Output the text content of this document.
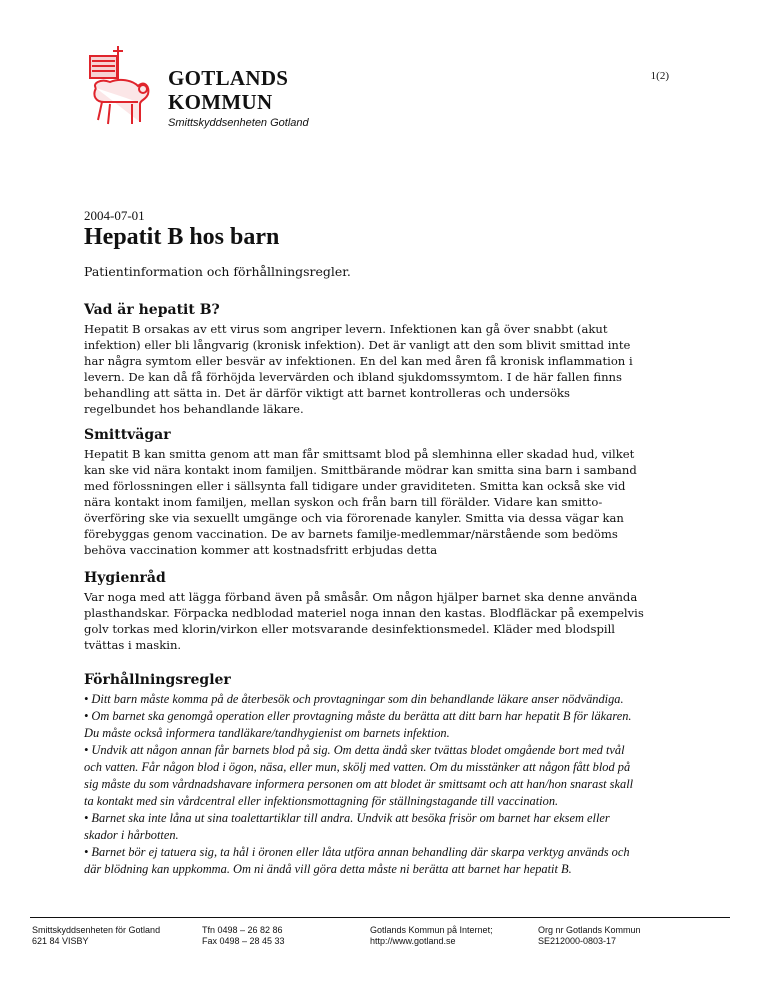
GOTLANDS
KOMMUN
Smittskyddsenheten Gotland
1(2)
2004-07-01
Hepatit B hos barn
Patientinformation och förhållningsregler.
Vad är hepatit B?

Hepatit B orsakas av ett virus som angriper levern. Infektionen kan gå över snabbt (akut infektion) eller bli långvarig (kronisk infektion). Det är vanligt att den som blivit smittad inte har några symtom eller besvär av infektionen. En del kan med åren få kronisk inflammation i levern. De kan då få förhöjda levervärden och ibland sjukdomssymtom. I de här fallen finns behandling att sätta in. Det är därför viktigt att barnet kontrolleras och undersöks regelbundet hos behandlande läkare.

Smittvägar

Hepatit B kan smitta genom att man får smittsamt blod på slemhinna eller skadad hud, vilket kan ske vid nära kontakt inom familjen. Smittbärande mödrar kan smitta sina barn i samband med förlossningen eller i sällsynta fall tidigare under graviditeten. Smitta kan också ske vid nära kontakt inom familjen, mellan syskon och från barn till förälder. Vidare kan smitto-överföring ske via sexuellt umgänge och via förorenade kanyler. Smitta via dessa vägar kan förebyggas genom vaccination. De av barnets familje-medlemmar/närstående som bedöms behöva vaccination kommer att kostnadsfritt erbjudas detta

Hygienråd

Var noga med att lägga förband även på småsår. Om någon hjälper barnet ska denne använda plasthandskar. Förpacka nedblodad materiel noga innan den kastas. Blodfläckar på exempelvis golv torkas med klorin/virkon eller motsvarande desinfektionsmedel. Kläder med blodspill tvättas i maskin.

Förhållningsregler

• Ditt barn måste komma på de återbesök och provtagningar som din behandlande läkare anser nödvändiga.

• Om barnet ska genomgå operation eller provtagning måste du berätta att ditt barn har hepatit B för läkaren. Du måste också informera tandläkare/tandhygienist om barnets infektion.

• Undvik att någon annan får barnets blod på sig. Om detta ändå sker tvättas blodet omgående bort med tvål och vatten. Får någon blod i ögon, näsa, eller mun, skölj med vatten. Om du misstänker att någon fått blod på sig måste du som vårdnadshavare informera personen om att blodet är smittsamt och att han/hon snarast skall ta kontakt med sin vårdcentral eller infektionsmottagning för ställningstagande till vaccination.

• Barnet ska inte låna ut sina toalettartiklar till andra. Undvik att besöka frisör om barnet har eksem eller skador i hårbotten.

• Barnet bör ej tatuera sig, ta hål i öronen eller låta utföra annan behandling där skarpa verktyg används och där blödning kan uppkomma. Om ni ändå vill göra detta måste ni berätta att barnet har hepatit B.

Smittskyddsenheten för Gotland
621 84 VISBY
Tfn 0498 – 26 82 86
Fax 0498 – 28 45 33
Gotlands Kommun på Internet;
http://www.gotland.se
Org nr Gotlands Kommun
SE212000-0803-17
